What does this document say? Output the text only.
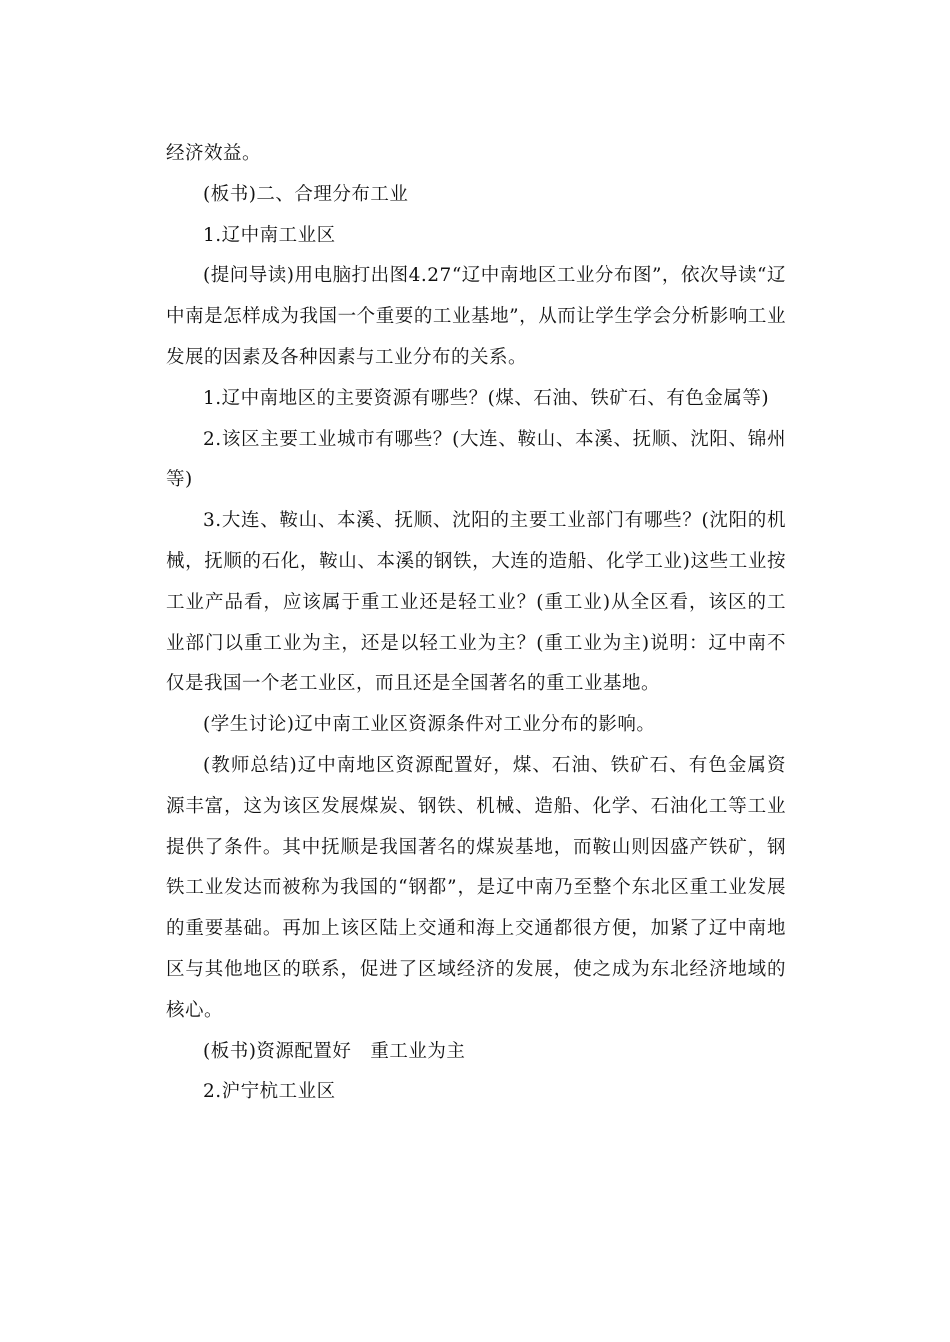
经济效益。

(板书)二、合理分布工业

1.辽中南工业区

(提问导读)用电脑打出图4.27“辽中南地区工业分布图”，依次导读“辽中南是怎样成为我国一个重要的工业基地”，从而让学生学会分析影响工业发展的因素及各种因素与工业分布的关系。

1.辽中南地区的主要资源有哪些？(煤、石油、铁矿石、有色金属等)

2.该区主要工业城市有哪些？(大连、鞍山、本溪、抚顺、沈阳、锦州等)

3.大连、鞍山、本溪、抚顺、沈阳的主要工业部门有哪些？(沈阳的机械，抚顺的石化，鞍山、本溪的钢铁，大连的造船、化学工业)这些工业按工业产品看，应该属于重工业还是轻工业？(重工业)从全区看，该区的工业部门以重工业为主，还是以轻工业为主？(重工业为主)说明：辽中南不仅是我国一个老工业区，而且还是全国著名的重工业基地。

(学生讨论)辽中南工业区资源条件对工业分布的影响。

(教师总结)辽中南地区资源配置好，煤、石油、铁矿石、有色金属资源丰富，这为该区发展煤炭、钢铁、机械、造船、化学、石油化工等工业提供了条件。其中抚顺是我国著名的煤炭基地，而鞍山则因盛产铁矿，钢铁工业发达而被称为我国的“钢都”，是辽中南乃至整个东北区重工业发展的重要基础。再加上该区陆上交通和海上交通都很方便，加紧了辽中南地区与其他地区的联系，促进了区域经济的发展，使之成为东北经济地域的核心。

(板书)资源配置好　重工业为主

2.沪宁杭工业区
